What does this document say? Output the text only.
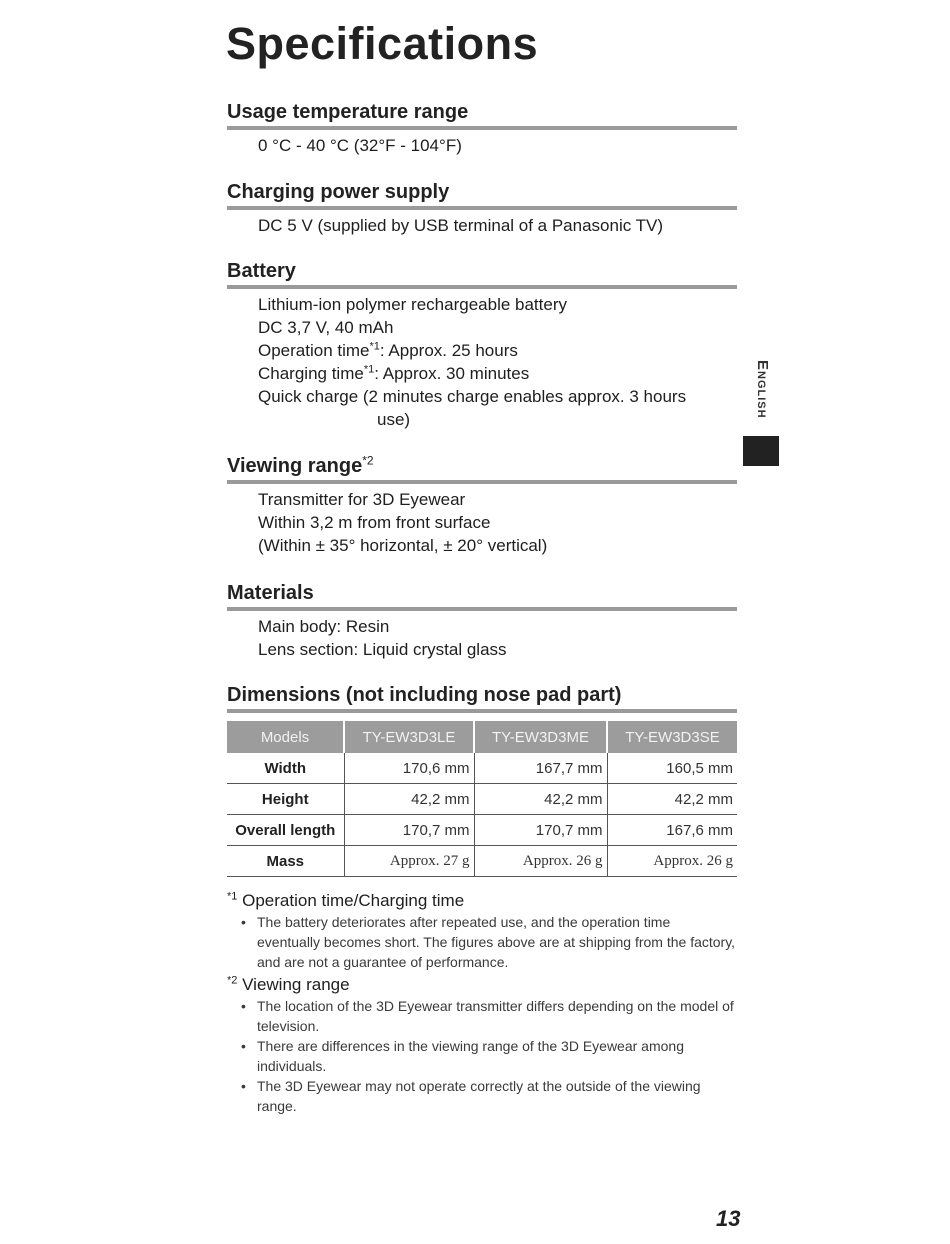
Specifications
Usage temperature range

0 °C - 40 °C (32°F - 104°F)

Charging power supply

DC 5 V (supplied by USB terminal of a Panasonic TV)

Battery

Lithium-ion polymer rechargeable battery

DC 3,7 V, 40 mAh

Operation time$^{*1}$: Approx. 25 hours

Charging time$^{*1}$: Approx. 30 minutes

Quick charge (2 minutes charge enables approx. 3 hours

use)

Viewing range$^{*2}$

Transmitter for 3D Eyewear

Within 3,2 m from front surface

(Within ± 35° horizontal, ± 20° vertical)

Materials

Main body: Resin

Lens section: Liquid crystal glass

Dimensions (not including nose pad part)
Models	TY-EW3D3LE	TY-EW3D3ME	TY-EW3D3SE
Width	170,6 mm	167,7 mm	160,5 mm
Height	42,2 mm	42,2 mm	42,2 mm
Overall length	170,7 mm	170,7 mm	167,6 mm
Mass	Approx. 27 g	Approx. 26 g	Approx. 26 g

$^{*1}$ Operation time/Charging time

• The battery deteriorates after repeated use, and the operation time eventually becomes short. The figures above are at shipping from the factory, and are not a guarantee of performance.

$^{*2}$ Viewing range

• The location of the 3D Eyewear transmitter differs depending on the model of television.
• There are differences in the viewing range of the 3D Eyewear among individuals.
• The 3D Eyewear may not operate correctly at the outside of the viewing range.
English
13
